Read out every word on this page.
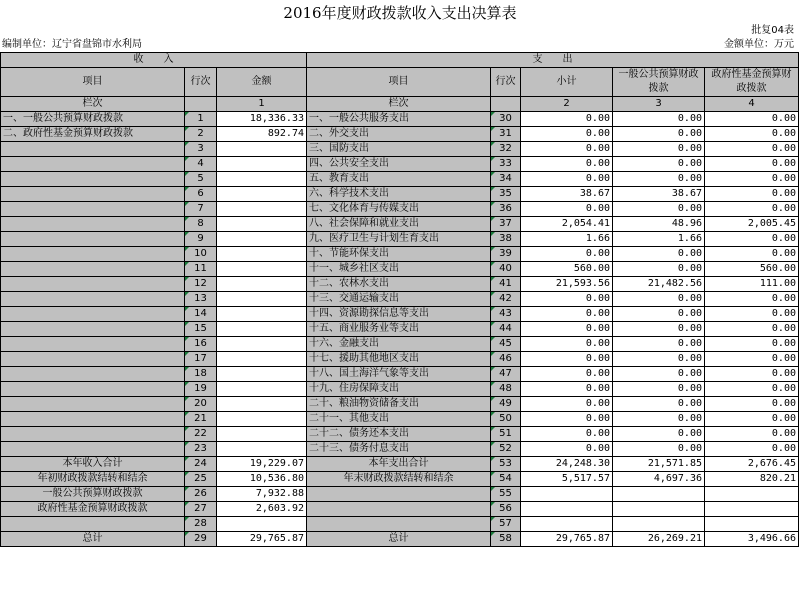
2016年度财政拨款收入支出决算表
批复04表
编制单位：辽宁省盘锦市水利局	金额单位：万元
收　　入			支　　出				
项目	行次	金额	项目	行次	小计	一般公共预算财政拨款	政府性基金预算财政拨款
栏次		1	栏次		2	3	4
一、一般公共预算财政拨款	1	18,336.33	一、一般公共服务支出	30	0.00	0.00	0.00
二、政府性基金预算财政拨款	2	892.74	二、外交支出	31	0.00	0.00	0.00
	3		三、国防支出	32	0.00	0.00	0.00
	4		四、公共安全支出	33	0.00	0.00	0.00
	5		五、教育支出	34	0.00	0.00	0.00
	6		六、科学技术支出	35	38.67	38.67	0.00
	7		七、文化体育与传媒支出	36	0.00	0.00	0.00
	8		八、社会保障和就业支出	37	2,054.41	48.96	2,005.45
	9		九、医疗卫生与计划生育支出	38	1.66	1.66	0.00
	10		十、节能环保支出	39	0.00	0.00	0.00
	11		十一、城乡社区支出	40	560.00	0.00	560.00
	12		十二、农林水支出	41	21,593.56	21,482.56	111.00
	13		十三、交通运输支出	42	0.00	0.00	0.00
	14		十四、资源勘探信息等支出	43	0.00	0.00	0.00
	15		十五、商业服务业等支出	44	0.00	0.00	0.00
	16		十六、金融支出	45	0.00	0.00	0.00
	17		十七、援助其他地区支出	46	0.00	0.00	0.00
	18		十八、国土海洋气象等支出	47	0.00	0.00	0.00
	19		十九、住房保障支出	48	0.00	0.00	0.00
	20		二十、粮油物资储备支出	49	0.00	0.00	0.00
	21		二十一、其他支出	50	0.00	0.00	0.00
	22		二十二、债务还本支出	51	0.00	0.00	0.00
	23		二十三、债务付息支出	52	0.00	0.00	0.00
本年收入合计	24	19,229.07	本年支出合计	53	24,248.30	21,571.85	2,676.45
年初财政拨款结转和结余	25	10,536.80	年末财政拨款结转和结余	54	5,517.57	4,697.36	820.21
一般公共预算财政拨款	26	7,932.88		55			
政府性基金预算财政拨款	27	2,603.92		56			
	28			57			
总计	29	29,765.87	总计	58	29,765.87	26,269.21	3,496.66
